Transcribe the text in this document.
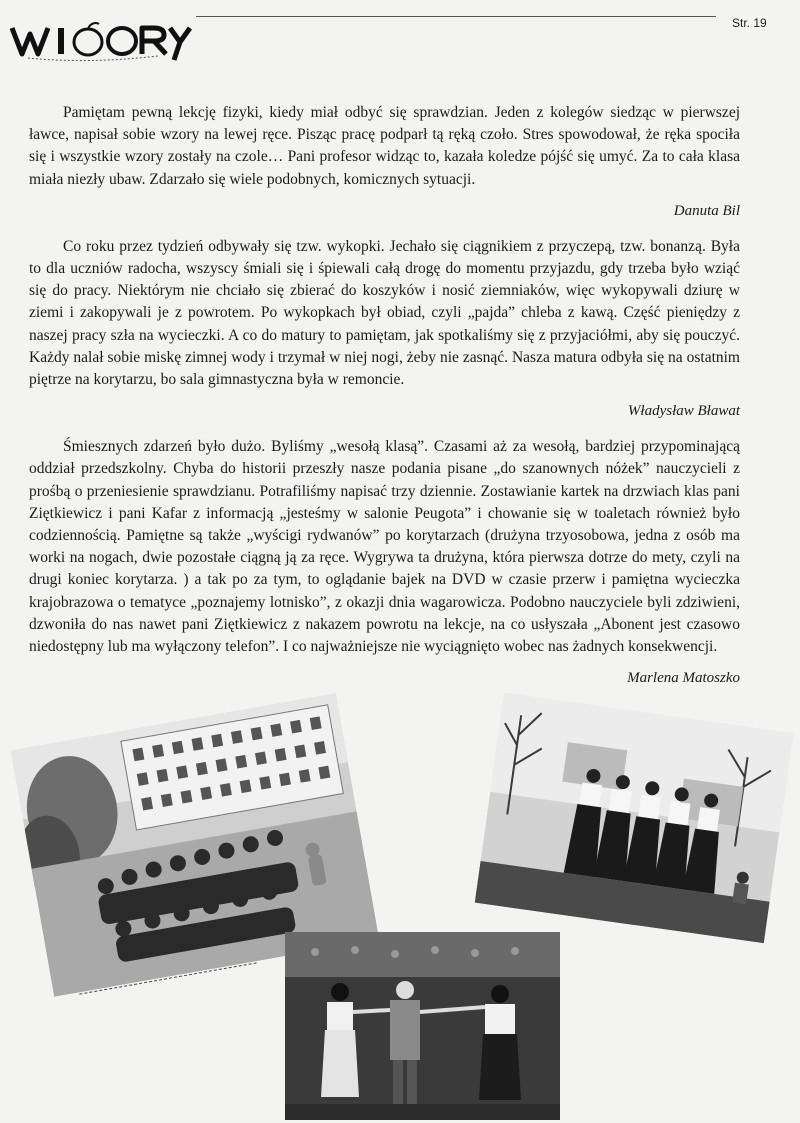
Str. 19

Pamiętam pewną lekcję fizyki, kiedy miał odbyć się sprawdzian. Jeden z kolegów siedząc w pierwszej ławce, napisał sobie wzory na lewej ręce. Pisząc pracę podparł tą ręką czoło. Stres spowodował, że ręka spociła się i wszystkie wzory zostały na czole… Pani profesor widząc to, kazała koledze pójść się umyć. Za to cała klasa miała niezły ubaw. Zdarzało się wiele podobnych, komicznych sytuacji.

Danuta Bil

Co roku przez tydzień odbywały się tzw. wykopki. Jechało się ciągnikiem z przyczepą, tzw. bonanzą. Była to dla uczniów radocha, wszyscy śmiali się i śpiewali całą drogę do momentu przyjazdu, gdy trzeba było wziąć się do pracy. Niektórym nie chciało się zbierać do koszyków i nosić ziemniaków, więc wykopywali dziurę w ziemi i zakopywali je z powrotem. Po wykopkach był obiad, czyli „pajda” chleba z kawą. Część pieniędzy z naszej pracy szła na wycieczki. A co do matury to pamiętam, jak spotkaliśmy się z przyjaciółmi, aby się pouczyć. Każdy nalał sobie miskę zimnej wody i trzymał w niej nogi, żeby nie zasnąć. Nasza matura odbyła się na ostatnim piętrze na korytarzu, bo sala gimnastyczna była w remoncie.

Władysław Bławat

Śmiesznych zdarzeń było dużo. Byliśmy „wesołą klasą”. Czasami aż za wesołą, bardziej przypominającą oddział przedszkolny. Chyba do historii przeszły nasze podania pisane „do szanownych nóżek” nauczycieli z prośbą o przeniesienie sprawdzianu. Potrafiliśmy napisać trzy dziennie. Zostawianie kartek na drzwiach klas pani Ziętkiewicz i pani Kafar z informacją „jesteśmy w salonie Peugota” i chowanie się w toaletach również było codziennością. Pamiętne są także „wyścigi rydwanów” po korytarzach (drużyna trzyosobowa, jedna z osób ma worki na nogach, dwie pozostałe ciągną ją za ręce. Wygrywa ta drużyna, która pierwsza dotrze do mety, czyli na drugi koniec korytarza. ) a tak po za tym, to oglądanie bajek na DVD w czasie przerw i pamiętna wycieczka krajobrazowa o tematyce „poznajemy lotnisko”, z okazji dnia wagarowicza. Podobno nauczyciele byli zdziwieni, dzwoniła do nas nawet pani Ziętkiewicz z nakazem powrotu na lekcje, na co usłyszała „Abonent jest czasowo niedostępny lub ma wyłączony telefon”. I co najważniejsze nie wyciągnięto wobec nas żadnych konsekwencji.

Marlena Matoszko
